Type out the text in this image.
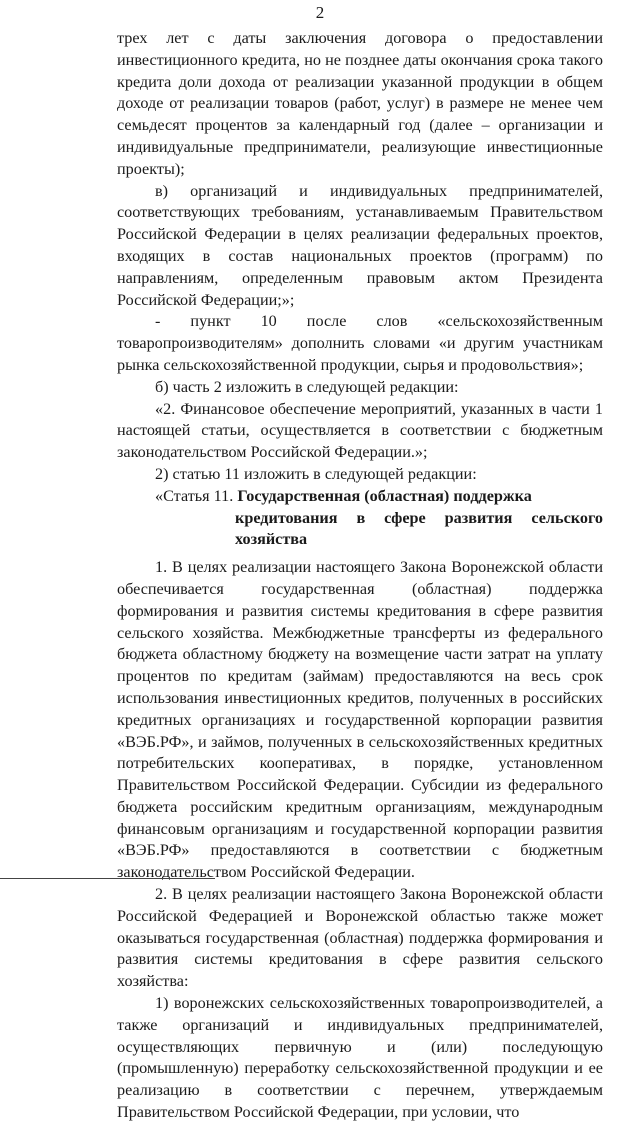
2

трех лет с даты заключения договора о предоставлении инвестиционного кредита, но не позднее даты окончания срока такого кредита доли дохода от реализации указанной продукции в общем доходе от реализации товаров (работ, услуг) в размере не менее чем семьдесят процентов за календарный год (далее – организации и индивидуальные предприниматели, реализующие инвестиционные проекты);

в) организаций и индивидуальных предпринимателей, соответствующих требованиям, устанавливаемым Правительством Российской Федерации в целях реализации федеральных проектов, входящих в состав национальных проектов (программ) по направлениям, определенным правовым актом Президента Российской Федерации;»;

- пункт 10 после слов «сельскохозяйственным товаропроизводителям» дополнить словами «и другим участникам рынка сельскохозяйственной продукции, сырья и продовольствия»;

б) часть 2 изложить в следующей редакции:

«2. Финансовое обеспечение мероприятий, указанных в части 1 настоящей статьи, осуществляется в соответствии с бюджетным законодательством Российской Федерации.»;

2) статью 11 изложить в следующей редакции:

«Статья 11. Государственная (областная) поддержка
кредитования в сфере развития сельского хозяйства

1. В целях реализации настоящего Закона Воронежской области обеспечивается государственная (областная) поддержка формирования и развития системы кредитования в сфере развития сельского хозяйства. Межбюджетные трансферты из федерального бюджета областному бюджету на возмещение части затрат на уплату процентов по кредитам (займам) предоставляются на весь срок использования инвестиционных кредитов, полученных в российских кредитных организациях и государственной корпорации развития «ВЭБ.РФ», и займов, полученных в сельскохозяйственных кредитных потребительских кооперативах, в порядке, установленном Правительством Российской Федерации. Субсидии из федерального бюджета российским кредитным организациям, международным финансовым организациям и государственной корпорации развития «ВЭБ.РФ» предоставляются в соответствии с бюджетным законодательством Российской Федерации.

2. В целях реализации настоящего Закона Воронежской области Российской Федерацией и Воронежской областью также может оказываться государственная (областная) поддержка формирования и развития системы кредитования в сфере развития сельского хозяйства:

1) воронежских сельскохозяйственных товаропроизводителей, а также организаций и индивидуальных предпринимателей, осуществляющих первичную и (или) последующую (промышленную) переработку сельскохозяйственной продукции и ее реализацию в соответствии с перечнем, утверждаемым Правительством Российской Федерации, при условии, что
